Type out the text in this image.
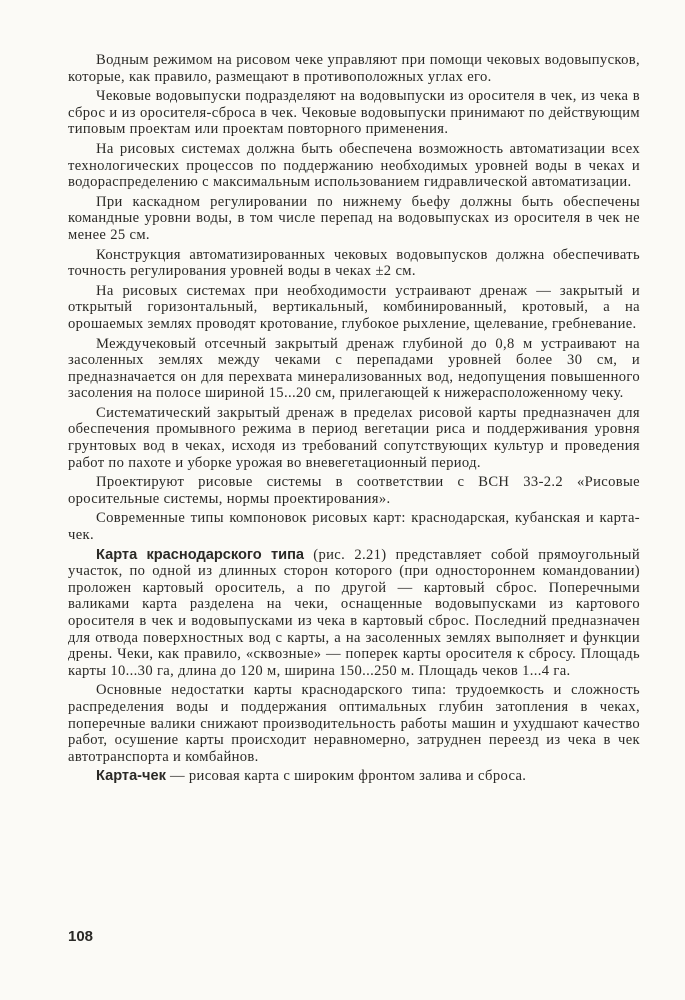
Водным режимом на рисовом чеке управляют при помощи чековых водовыпусков, которые, как правило, размещают в противоположных углах его.

Чековые водовыпуски подразделяют на водовыпуски из оросителя в чек, из чека в сброс и из оросителя-сброса в чек. Чековые водовыпуски принимают по действующим типовым проектам или проектам повторного применения.

На рисовых системах должна быть обеспечена возможность автоматизации всех технологических процессов по поддержанию необходимых уровней воды в чеках и водораспределению с максимальным использованием гидравлической автоматизации.

При каскадном регулировании по нижнему бьефу должны быть обеспечены командные уровни воды, в том числе перепад на водовыпусках из оросителя в чек не менее 25 см.

Конструкция автоматизированных чековых водовыпусков должна обеспечивать точность регулирования уровней воды в чеках ±2 см.

На рисовых системах при необходимости устраивают дренаж — закрытый и открытый горизонтальный, вертикальный, комбинированный, кротовый, а на орошаемых землях проводят кротование, глубокое рыхление, щелевание, гребневание.

Междучековый отсечный закрытый дренаж глубиной до 0,8 м устраивают на засоленных землях между чеками с перепадами уровней более 30 см, и предназначается он для перехвата минерализованных вод, недопущения повышенного засоления на полосе шириной 15...20 см, прилегающей к нижерасположенному чеку.

Систематический закрытый дренаж в пределах рисовой карты предназначен для обеспечения промывного режима в период вегетации риса и поддерживания уровня грунтовых вод в чеках, исходя из требований сопутствующих культур и проведения работ по пахоте и уборке урожая во вневегетационный период.

Проектируют рисовые системы в соответствии с ВСН 33-2.2 «Рисовые оросительные системы, нормы проектирования».

Современные типы компоновок рисовых карт: краснодарская, кубанская и карта-чек.

Карта краснодарского типа (рис. 2.21) представляет собой прямоугольный участок, по одной из длинных сторон которого (при одностороннем командовании) проложен картовый ороситель, а по другой — картовый сброс. Поперечными валиками карта разделена на чеки, оснащенные водовыпусками из картового оросителя в чек и водовыпусками из чека в картовый сброс. Последний предназначен для отвода поверхностных вод с карты, а на засоленных землях выполняет и функции дрены. Чеки, как правило, «сквозные» — поперек карты оросителя к сбросу. Площадь карты 10...30 га, длина до 120 м, ширина 150...250 м. Площадь чеков 1...4 га.

Основные недостатки карты краснодарского типа: трудоемкость и сложность распределения воды и поддержания оптимальных глубин затопления в чеках, поперечные валики снижают производительность работы машин и ухудшают качество работ, осушение карты происходит неравномерно, затруднен переезд из чека в чек автотранспорта и комбайнов.

Карта-чек — рисовая карта с широким фронтом залива и сброса.

108
